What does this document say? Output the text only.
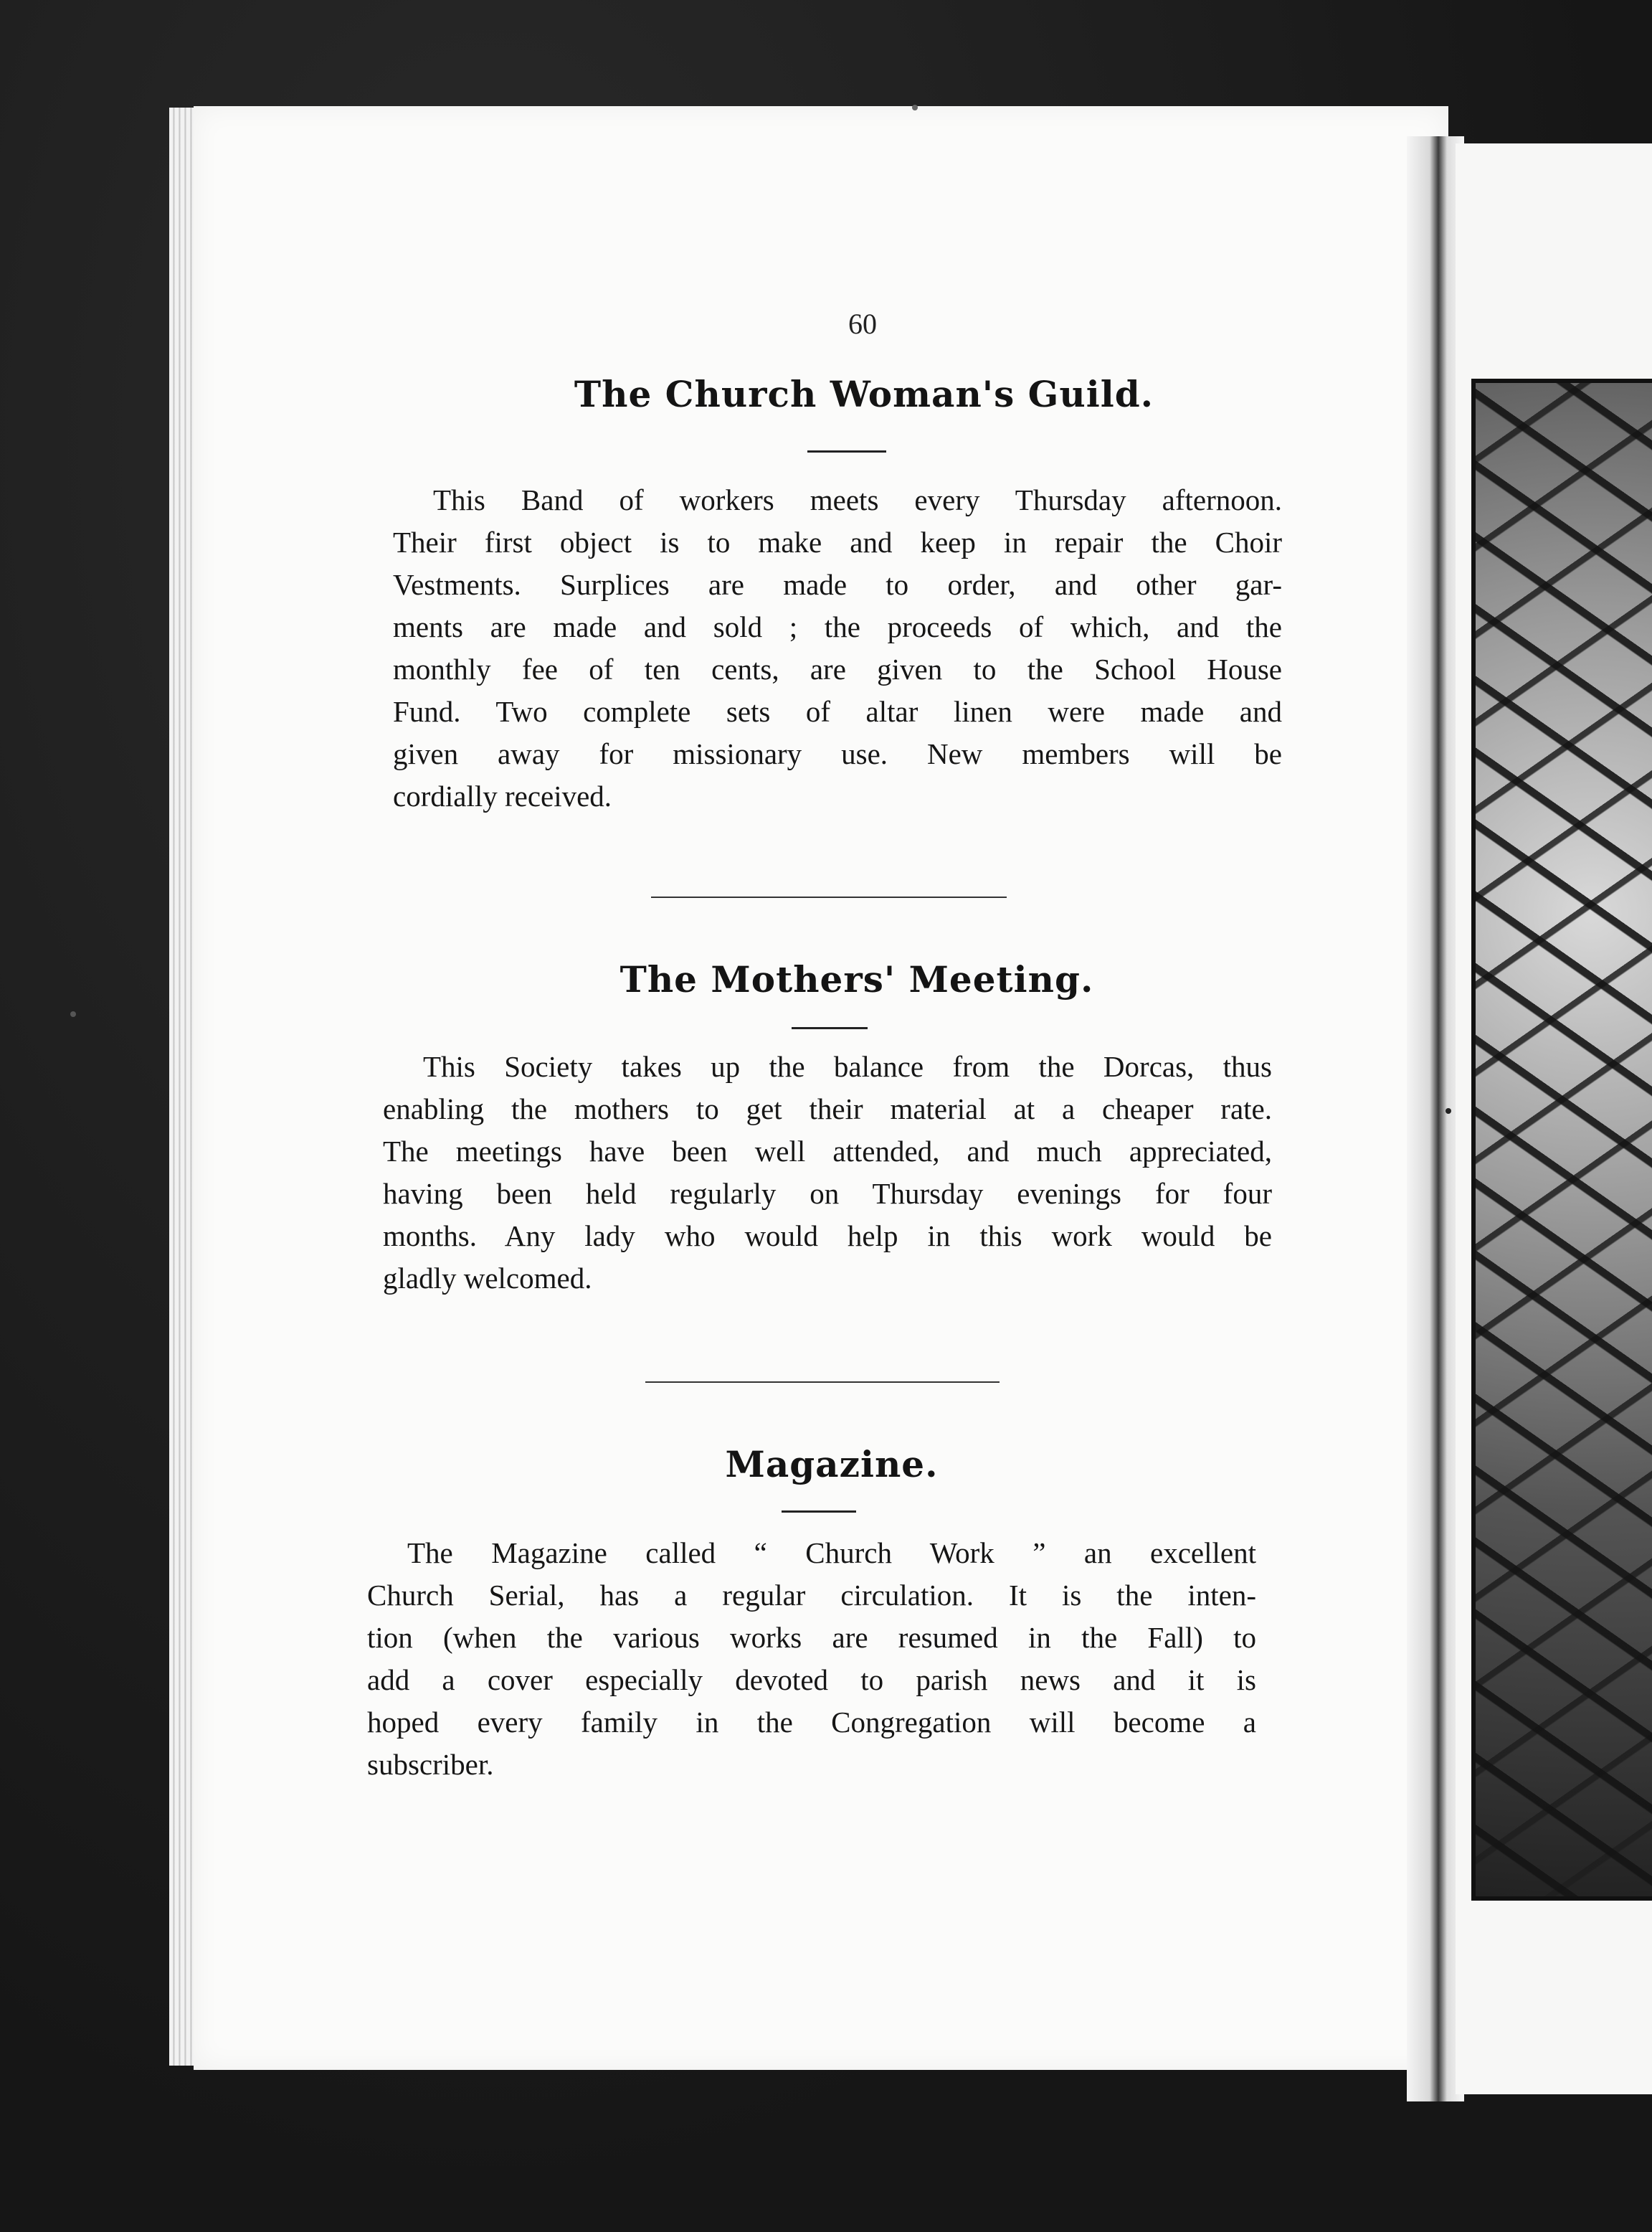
60
The Church Woman's Guild.
This Band of workers meets every Thursday afternoon.
Their first object is to make and keep in repair the Choir
Vestments. Surplices are made to order, and other gar-
ments are made and sold ; the proceeds of which, and the
monthly fee of ten cents, are given to the School House
Fund. Two complete sets of altar linen were made and
given away for missionary use. New members will be
cordially received.
The Mothers' Meeting.
This Society takes up the balance from the Dorcas, thus
enabling the mothers to get their material at a cheaper rate.
The meetings have been well attended, and much appreciated,
having been held regularly on Thursday evenings for four
months. Any lady who would help in this work would be
gladly welcomed.
Magazine.
The Magazine called “ Church Work ” an excellent
Church Serial, has a regular circulation. It is the inten-
tion (when the various works are resumed in the Fall) to
add a cover especially devoted to parish news and it is
hoped every family in the Congregation will become a
subscriber.
